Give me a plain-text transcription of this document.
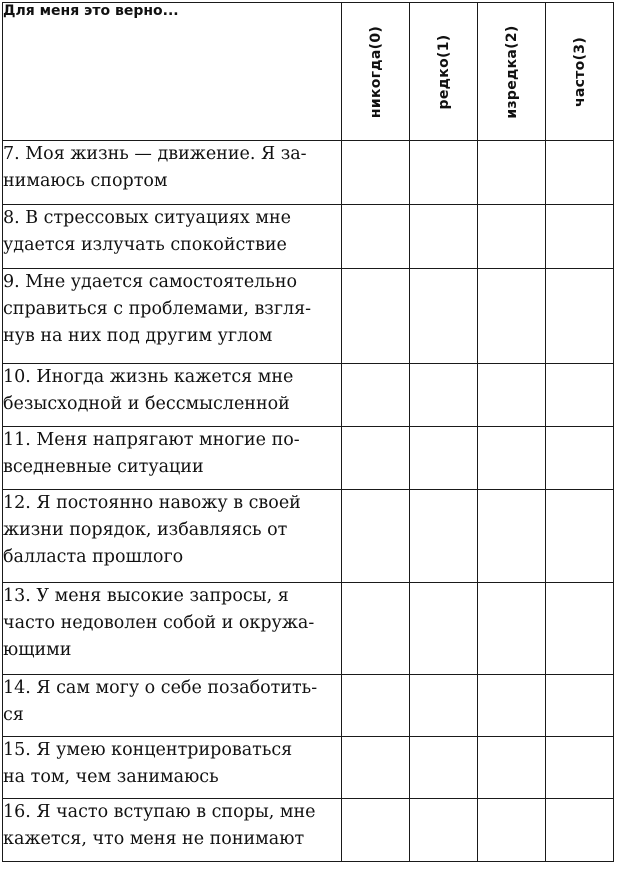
Для меня это верно...	никогда(0)	редко(1)	изредка(2)	часто(3)

7. Моя жизнь — движение. Я за-
нимаюсь спортом				
8. В стрессовых ситуациях мне
удается излучать спокойствие				
9. Мне удается самостоятельно
справиться с проблемами, взгля-
нув на них под другим углом				
10. Иногда жизнь кажется мне
безысходной и бессмысленной				
11. Меня напрягают многие по-
вседневные ситуации				
12. Я постоянно навожу в своей
жизни порядок, избавляясь от
балласта прошлого				
13. У меня высокие запросы, я
часто недоволен собой и окружа-
ющими				
14. Я сам могу о себе позаботить-
ся				
15. Я умею концентрироваться
на том, чем занимаюсь				
16. Я часто вступаю в споры, мне
кажется, что меня не понимают				
